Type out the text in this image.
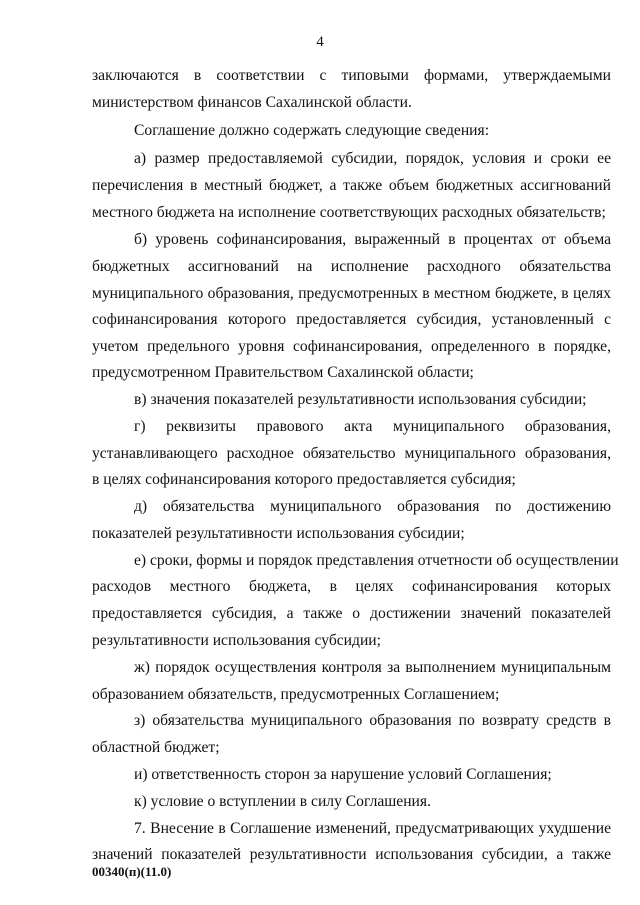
4
заключаются в соответствии с типовыми формами, утверждаемыми
министерством финансов Сахалинской области.
Соглашение должно содержать следующие сведения:
а) размер предоставляемой субсидии, порядок, условия и сроки ее
перечисления в местный бюджет, а также объем бюджетных ассигнований
местного бюджета на исполнение соответствующих расходных обязательств;
б) уровень софинансирования, выраженный в процентах от объема
бюджетных ассигнований на исполнение расходного обязательства
муниципального образования, предусмотренных в местном бюджете, в целях
софинансирования которого предоставляется субсидия, установленный с
учетом предельного уровня софинансирования, определенного в порядке,
предусмотренном Правительством Сахалинской области;
в) значения показателей результативности использования субсидии;
г) реквизиты правового акта муниципального образования,
устанавливающего расходное обязательство муниципального образования,
в целях софинансирования которого предоставляется субсидия;
д) обязательства муниципального образования по достижению
показателей результативности использования субсидии;
е) сроки, формы и порядок представления отчетности об осуществлении
расходов местного бюджета, в целях софинансирования которых
предоставляется субсидия, а также о достижении значений показателей
результативности использования субсидии;
ж) порядок осуществления контроля за выполнением муниципальным
образованием обязательств, предусмотренных Соглашением;
з) обязательства муниципального образования по возврату средств в
областной бюджет;
и) ответственность сторон за нарушение условий Соглашения;
к) условие о вступлении в силу Соглашения.
7. Внесение в Соглашение изменений, предусматривающих ухудшение
значений показателей результативности использования субсидии, а также
00340(п)(11.0)
